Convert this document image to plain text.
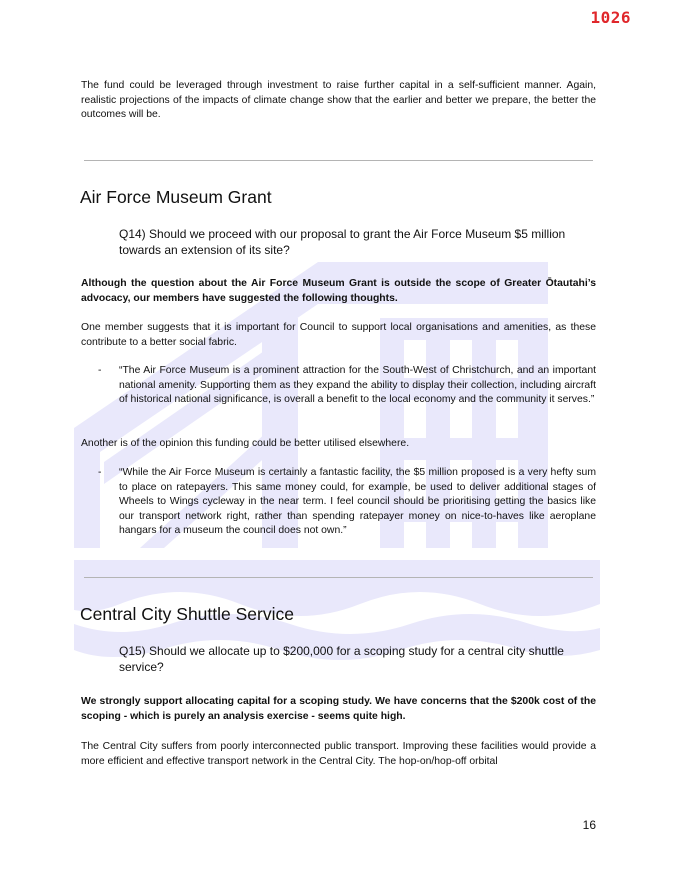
1026
The fund could be leveraged through investment to raise further capital in a self-sufficient manner. Again, realistic projections of the impacts of climate change show that the earlier and better we prepare, the better the outcomes will be.
Air Force Museum Grant
Q14) Should we proceed with our proposal to grant the Air Force Museum $5 million towards an extension of its site?
Although the question about the Air Force Museum Grant is outside the scope of Greater Ōtautahi’s advocacy, our members have suggested the following thoughts.
One member suggests that it is important for Council to support local organisations and amenities, as these contribute to a better social fabric.
- “The Air Force Museum is a prominent attraction for the South-West of Christchurch, and an important national amenity. Supporting them as they expand the ability to display their collection, including aircraft of historical national significance, is overall a benefit to the local economy and the community it serves.”
Another is of the opinion this funding could be better utilised elsewhere.
- “While the Air Force Museum is certainly a fantastic facility, the $5 million proposed is a very hefty sum to place on ratepayers. This same money could, for example, be used to deliver additional stages of Wheels to Wings cycleway in the near term. I feel council should be prioritising getting the basics like our transport network right, rather than spending ratepayer money on nice-to-haves like aeroplane hangars for a museum the council does not own.”
Central City Shuttle Service
Q15) Should we allocate up to $200,000 for a scoping study for a central city shuttle service?
We strongly support allocating capital for a scoping study. We have concerns that the $200k cost of the scoping - which is purely an analysis exercise - seems quite high.
The Central City suffers from poorly interconnected public transport. Improving these facilities would provide a more efficient and effective transport network in the Central City. The hop-on/hop-off orbital
16
